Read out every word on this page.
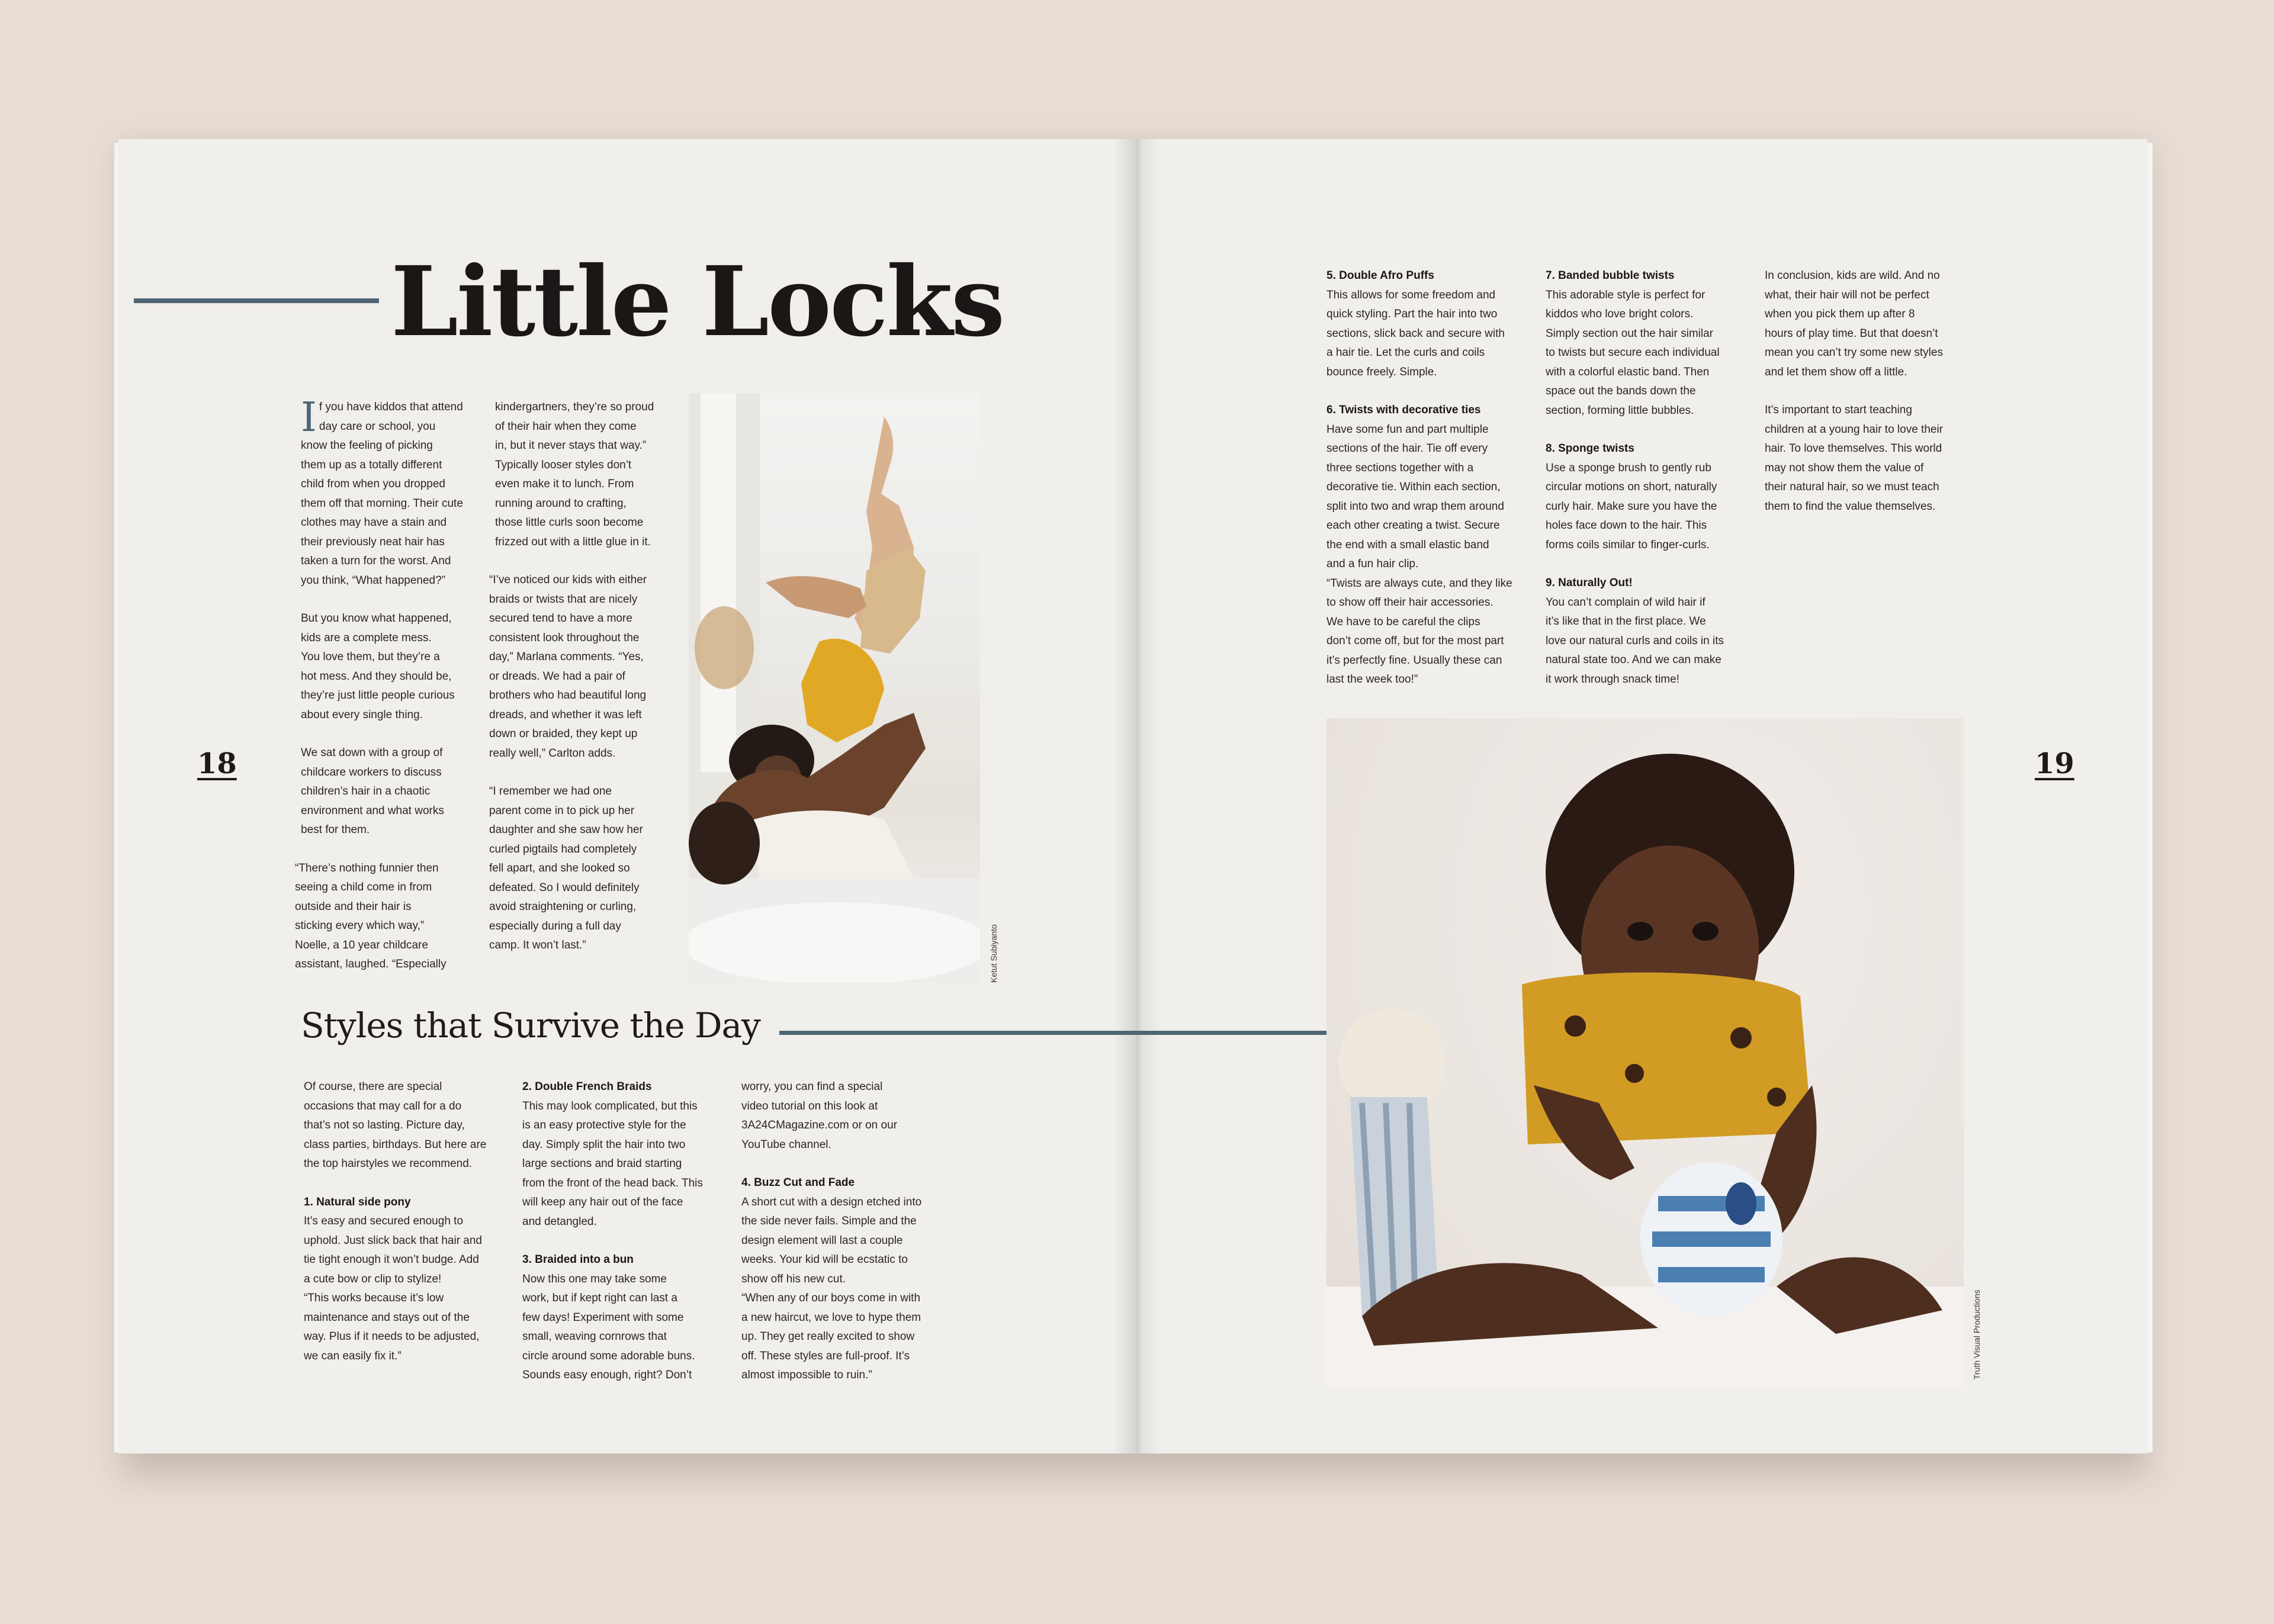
Little Locks
18

If you have kiddos that attend
day care or school, you
know the feeling of picking
them up as a totally different
child from when you dropped
them off that morning. Their cute
clothes may have a stain and
their previously neat hair has
taken a turn for the worst. And
you think, “What happened?”

But you know what happened,
kids are a complete mess.
You love them, but they’re a
hot mess. And they should be,
they’re just little people curious
about every single thing.

We sat down with a group of
childcare workers to discuss
children’s hair in a chaotic
environment and what works
best for them.

“There’s nothing funnier then
seeing a child come in from
outside and their hair is
sticking every which way,”
Noelle, a 10 year childcare
assistant, laughed. “Especially

kindergartners, they’re so proud
of their hair when they come
in, but it never stays that way.”
Typically looser styles don’t
even make it to lunch. From
running around to crafting,
those little curls soon become
frizzed out with a little glue in it.

“I’ve noticed our kids with either
braids or twists that are nicely
secured tend to have a more
consistent look throughout the
day,” Marlana comments. “Yes,
or dreads. We had a pair of
brothers who had beautiful long
dreads, and whether it was left
down or braided, they kept up
really well,” Carlton adds.

“I remember we had one
parent come in to pick up her
daughter and she saw how her
curled pigtails had completely
fell apart, and she looked so
defeated. So I would definitely
avoid straightening or curling,
especially during a full day
camp. It won’t last.”	Ketut Subiyanto
Styles that Survive the Day

Of course, there are special
occasions that may call for a do
that’s not so lasting. Picture day,
class parties, birthdays. But here are
the top hairstyles we recommend.

1. Natural side pony
It’s easy and secured enough to
uphold. Just slick back that hair and
tie tight enough it won’t budge. Add
a cute bow or clip to stylize!
“This works because it’s low
maintenance and stays out of the
way. Plus if it needs to be adjusted,
we can easily fix it.”
2. Double French Braids
This may look complicated, but this
is an easy protective style for the
day. Simply split the hair into two
large sections and braid starting
from the front of the head back. This
will keep any hair out of the face
and detangled.
3. Braided into a bun
Now this one may take some
work, but if kept right can last a
few days! Experiment with some
small, weaving cornrows that
circle around some adorable buns.
Sounds easy enough, right? Don’t

worry, you can find a special
video tutorial on this look at
3A24CMagazine.com or on our
YouTube channel.

4. Buzz Cut and Fade
A short cut with a design etched into
the side never fails. Simple and the
design element will last a couple
weeks. Your kid will be ecstatic to
show off his new cut.
“When any of our boys come in with
a new haircut, we love to hype them
up. They get really excited to show
off. These styles are full-proof. It’s
almost impossible to ruin.”
19
5. Double Afro Puffs
This allows for some freedom and
quick styling. Part the hair into two
sections, slick back and secure with
a hair tie. Let the curls and coils
bounce freely. Simple.
6. Twists with decorative ties
Have some fun and part multiple
sections of the hair. Tie off every
three sections together with a
decorative tie. Within each section,
split into two and wrap them around
each other creating a twist. Secure
the end with a small elastic band
and a fun hair clip.
“Twists are always cute, and they like
to show off their hair accessories.
We have to be careful the clips
don’t come off, but for the most part
it’s perfectly fine. Usually these can
last the week too!”
7. Banded bubble twists
This adorable style is perfect for
kiddos who love bright colors.
Simply section out the hair similar
to twists but secure each individual
with a colorful elastic band. Then
space out the bands down the
section, forming little bubbles.
8. Sponge twists
Use a sponge brush to gently rub
circular motions on short, naturally
curly hair. Make sure you have the
holes face down to the hair. This
forms coils similar to finger-curls.
9. Naturally Out!
You can’t complain of wild hair if
it’s like that in the first place. We
love our natural curls and coils in its
natural state too. And we can make
it work through snack time!

In conclusion, kids are wild. And no
what, their hair will not be perfect
when you pick them up after 8
hours of play time. But that doesn’t
mean you can’t try some new styles
and let them show off a little.

It’s important to start teaching
children at a young hair to love their
hair. To love themselves. This world
may not show them the value of
their natural hair, so we must teach
them to find the value themselves.

Truth Visual Productions
